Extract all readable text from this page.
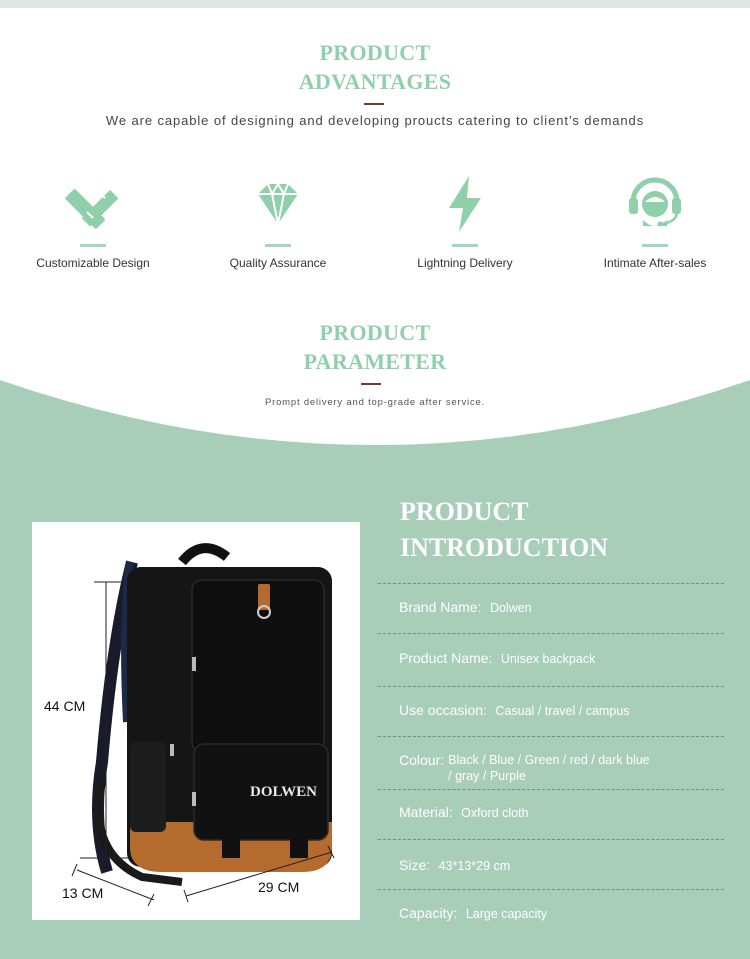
PRODUCT
ADVANTAGES
We are capable of designing and developing proucts catering to client’s demands
Customizable Design	Quality Assurance	Lightning Delivery	Intimate After-sales
PRODUCT
PARAMETER
Prompt delivery and top-grade after service.
DOLWEN
44 CM
13 CM	29 CM
PRODUCT
INTRODUCTION
Brand Name: Dolwen
Product Name: Unisex backpack
Use occasion: Casual / travel / campus
Colour: Black / Blue / Green / red / dark blue
/ gray / Purple
Material: Oxford cloth
Size: 43*13*29 cm
Capacity: Large capacity
